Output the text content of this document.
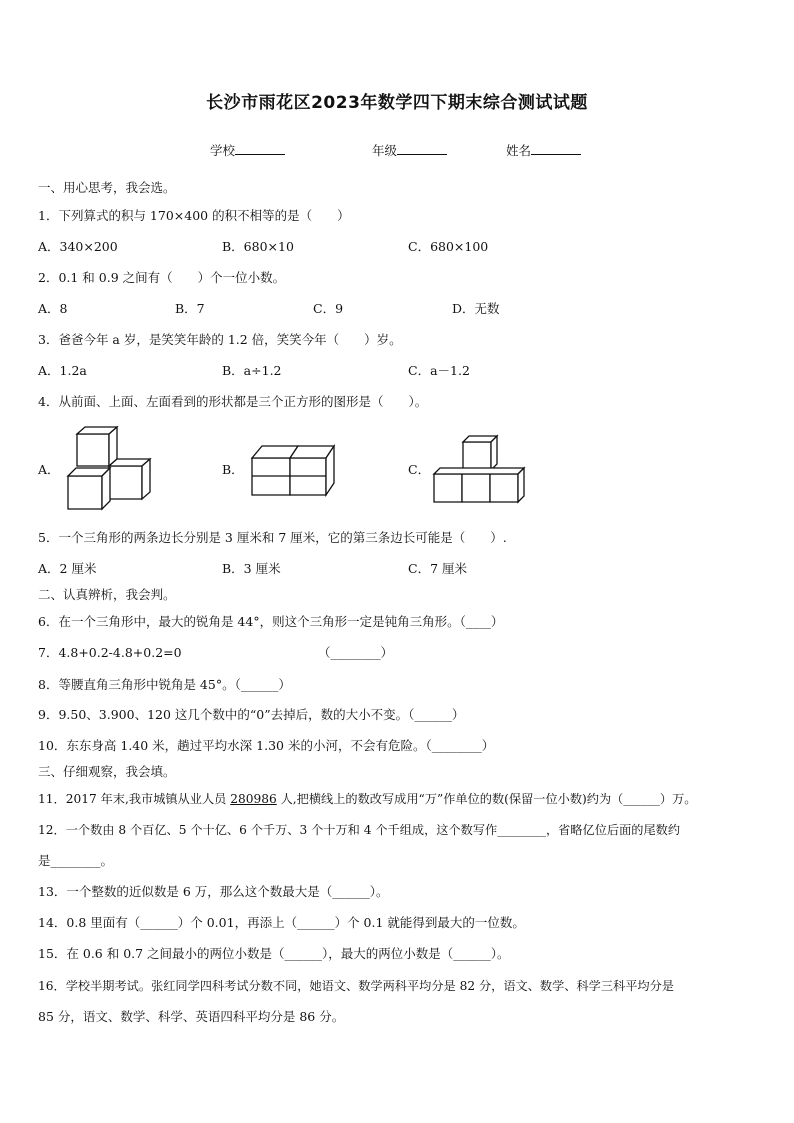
长沙市雨花区2023年数学四下期末综合测试试题
学校	年级	姓名
一、用心思考，我会选。
1．下列算式的积与 170×400 的积不相等的是（　　）
A．340×200	B．680×10	C．680×100
2．0.1 和 0.9 之间有（　　）个一位小数。
A．8	B．7	C．9	D．无数
3．爸爸今年 a 岁，是笑笑年龄的 1.2 倍，笑笑今年（　　）岁。
A．1.2a	B．a÷1.2	C．a－1.2
4．从前面、上面、左面看到的形状都是三个正方形的图形是（　　）。
A．	B．	C．
5．一个三角形的两条边长分别是 3 厘米和 7 厘米，它的第三条边长可能是（　　）.
A．2 厘米	B．3 厘米	C．7 厘米
二、认真辨析，我会判。
6．在一个三角形中，最大的锐角是 44°，则这个三角形一定是钝角三角形。（____）
7．4.8+0.2-4.8+0.2=0	（________）
8．等腰直角三角形中锐角是 45°。（______）
9．9.50、3.900、120 这几个数中的“0”去掉后，数的大小不变。（______）
10．东东身高 1.40 米，趟过平均水深 1.30 米的小河，不会有危险。（________）
三、仔细观察，我会填。
11．2017 年末,我市城镇从业人员 280986 人,把横线上的数改写成用“万”作单位的数(保留一位小数)约为（______）万。
12．一个数由 8 个百亿、5 个十亿、6 个千万、3 个十万和 4 个千组成，这个数写作________，省略亿位后面的尾数约
是________。
13．一个整数的近似数是 6 万，那么这个数最大是（______）。
14．0.8 里面有（______）个 0.01，再添上（______）个 0.1 就能得到最大的一位数。
15．在 0.6 和 0.7 之间最小的两位小数是（______），最大的两位小数是（______）。
16．学校半期考试。张红同学四科考试分数不同，她语文、数学两科平均分是 82 分，语文、数学、科学三科平均分是
85 分，语文、数学、科学、英语四科平均分是 86 分。
